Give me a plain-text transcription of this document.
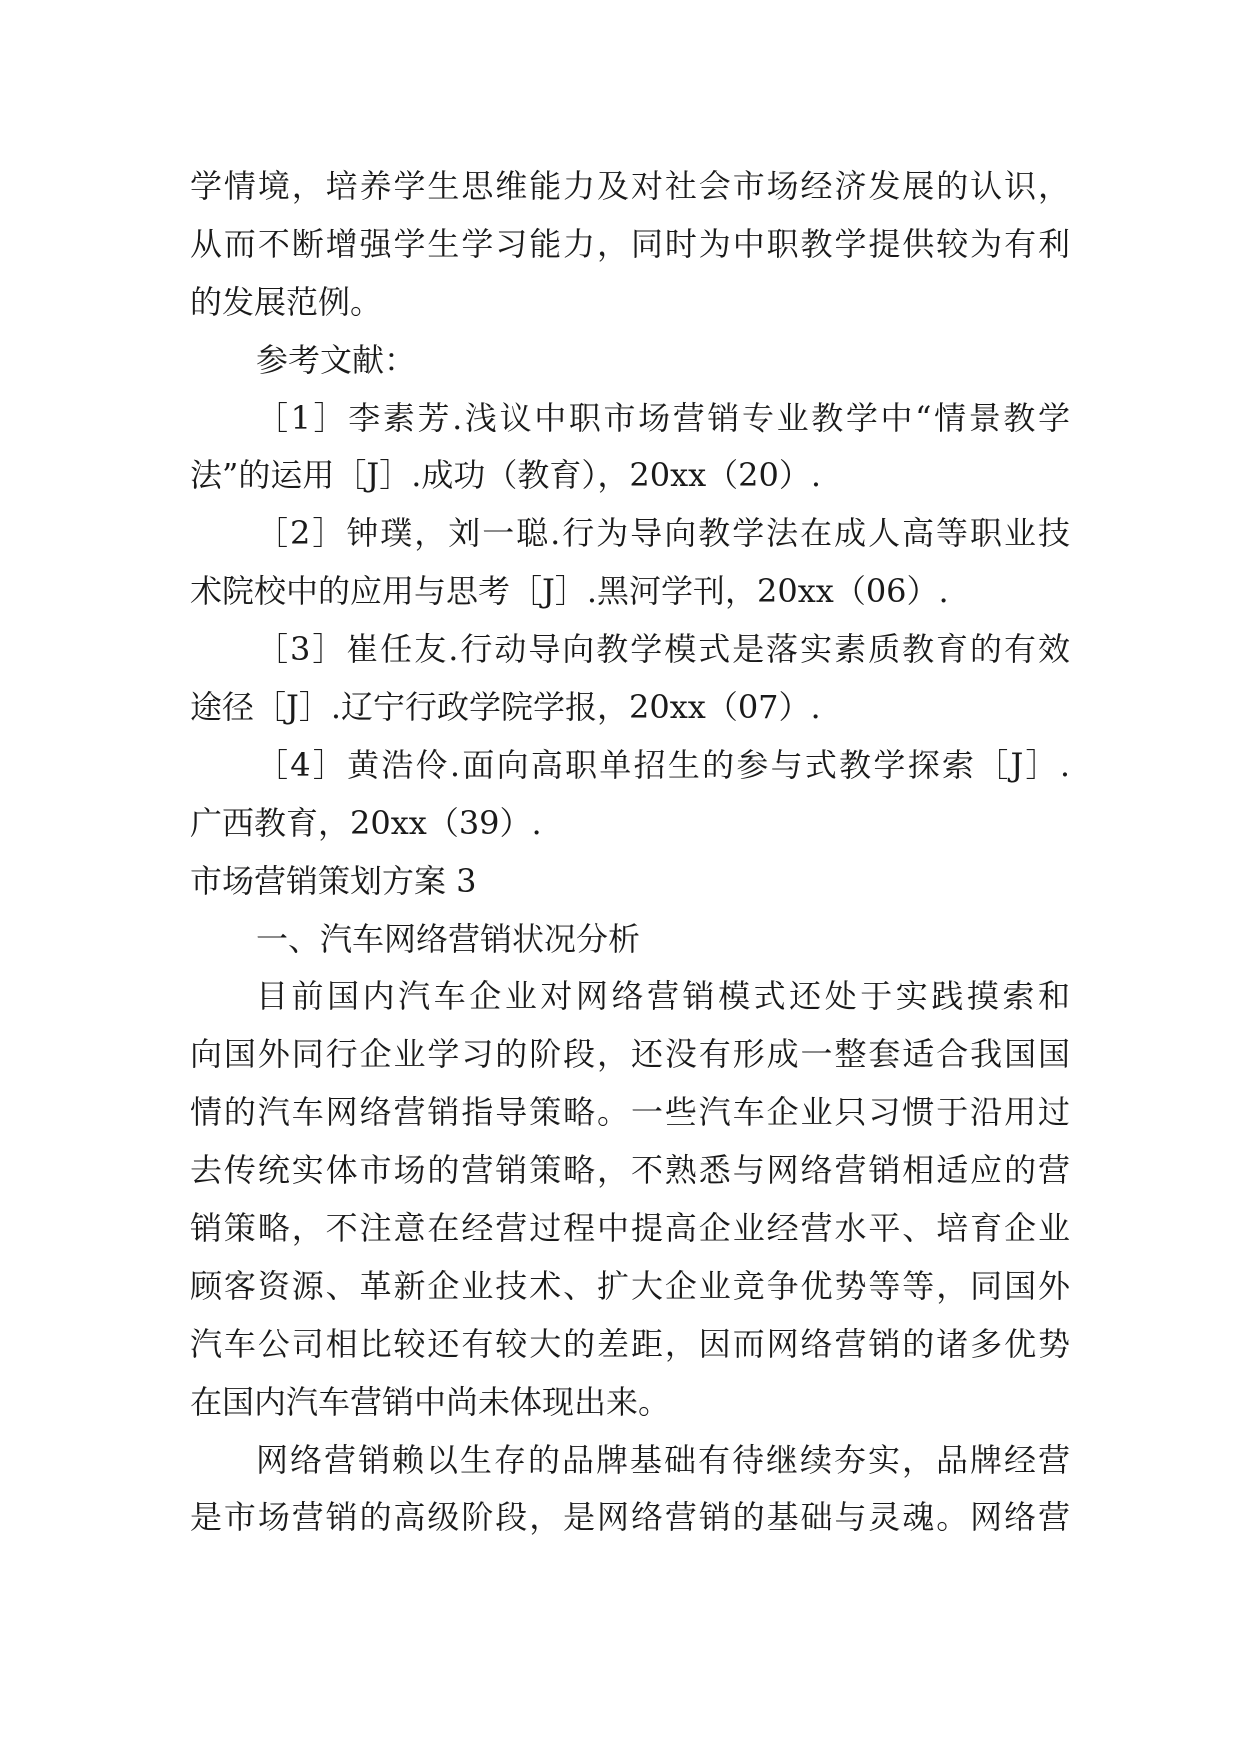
学情境，培养学生思维能力及对社会市场经济发展的认识，
从而不断增强学生学习能力，同时为中职教学提供较为有利
的发展范例。
参考文献：
［1］李素芳.浅议中职市场营销专业教学中“情景教学
法”的运用［J］.成功（教育），20xx（20）.
［2］钟璞，刘一聪.行为导向教学法在成人高等职业技
术院校中的应用与思考［J］.黑河学刊，20xx（06）.
［3］崔任友.行动导向教学模式是落实素质教育的有效
途径［J］.辽宁行政学院学报，20xx（07）.
［4］黄浩伶.面向高职单招生的参与式教学探索［J］.
广西教育，20xx（39）.
市场营销策划方案 3
一、汽车网络营销状况分析
目前国内汽车企业对网络营销模式还处于实践摸索和
向国外同行企业学习的阶段，还没有形成一整套适合我国国
情的汽车网络营销指导策略。一些汽车企业只习惯于沿用过
去传统实体市场的营销策略，不熟悉与网络营销相适应的营
销策略，不注意在经营过程中提高企业经营水平、培育企业
顾客资源、革新企业技术、扩大企业竞争优势等等，同国外
汽车公司相比较还有较大的差距，因而网络营销的诸多优势
在国内汽车营销中尚未体现出来。
网络营销赖以生存的品牌基础有待继续夯实，品牌经营
是市场营销的高级阶段，是网络营销的基础与灵魂。网络营
